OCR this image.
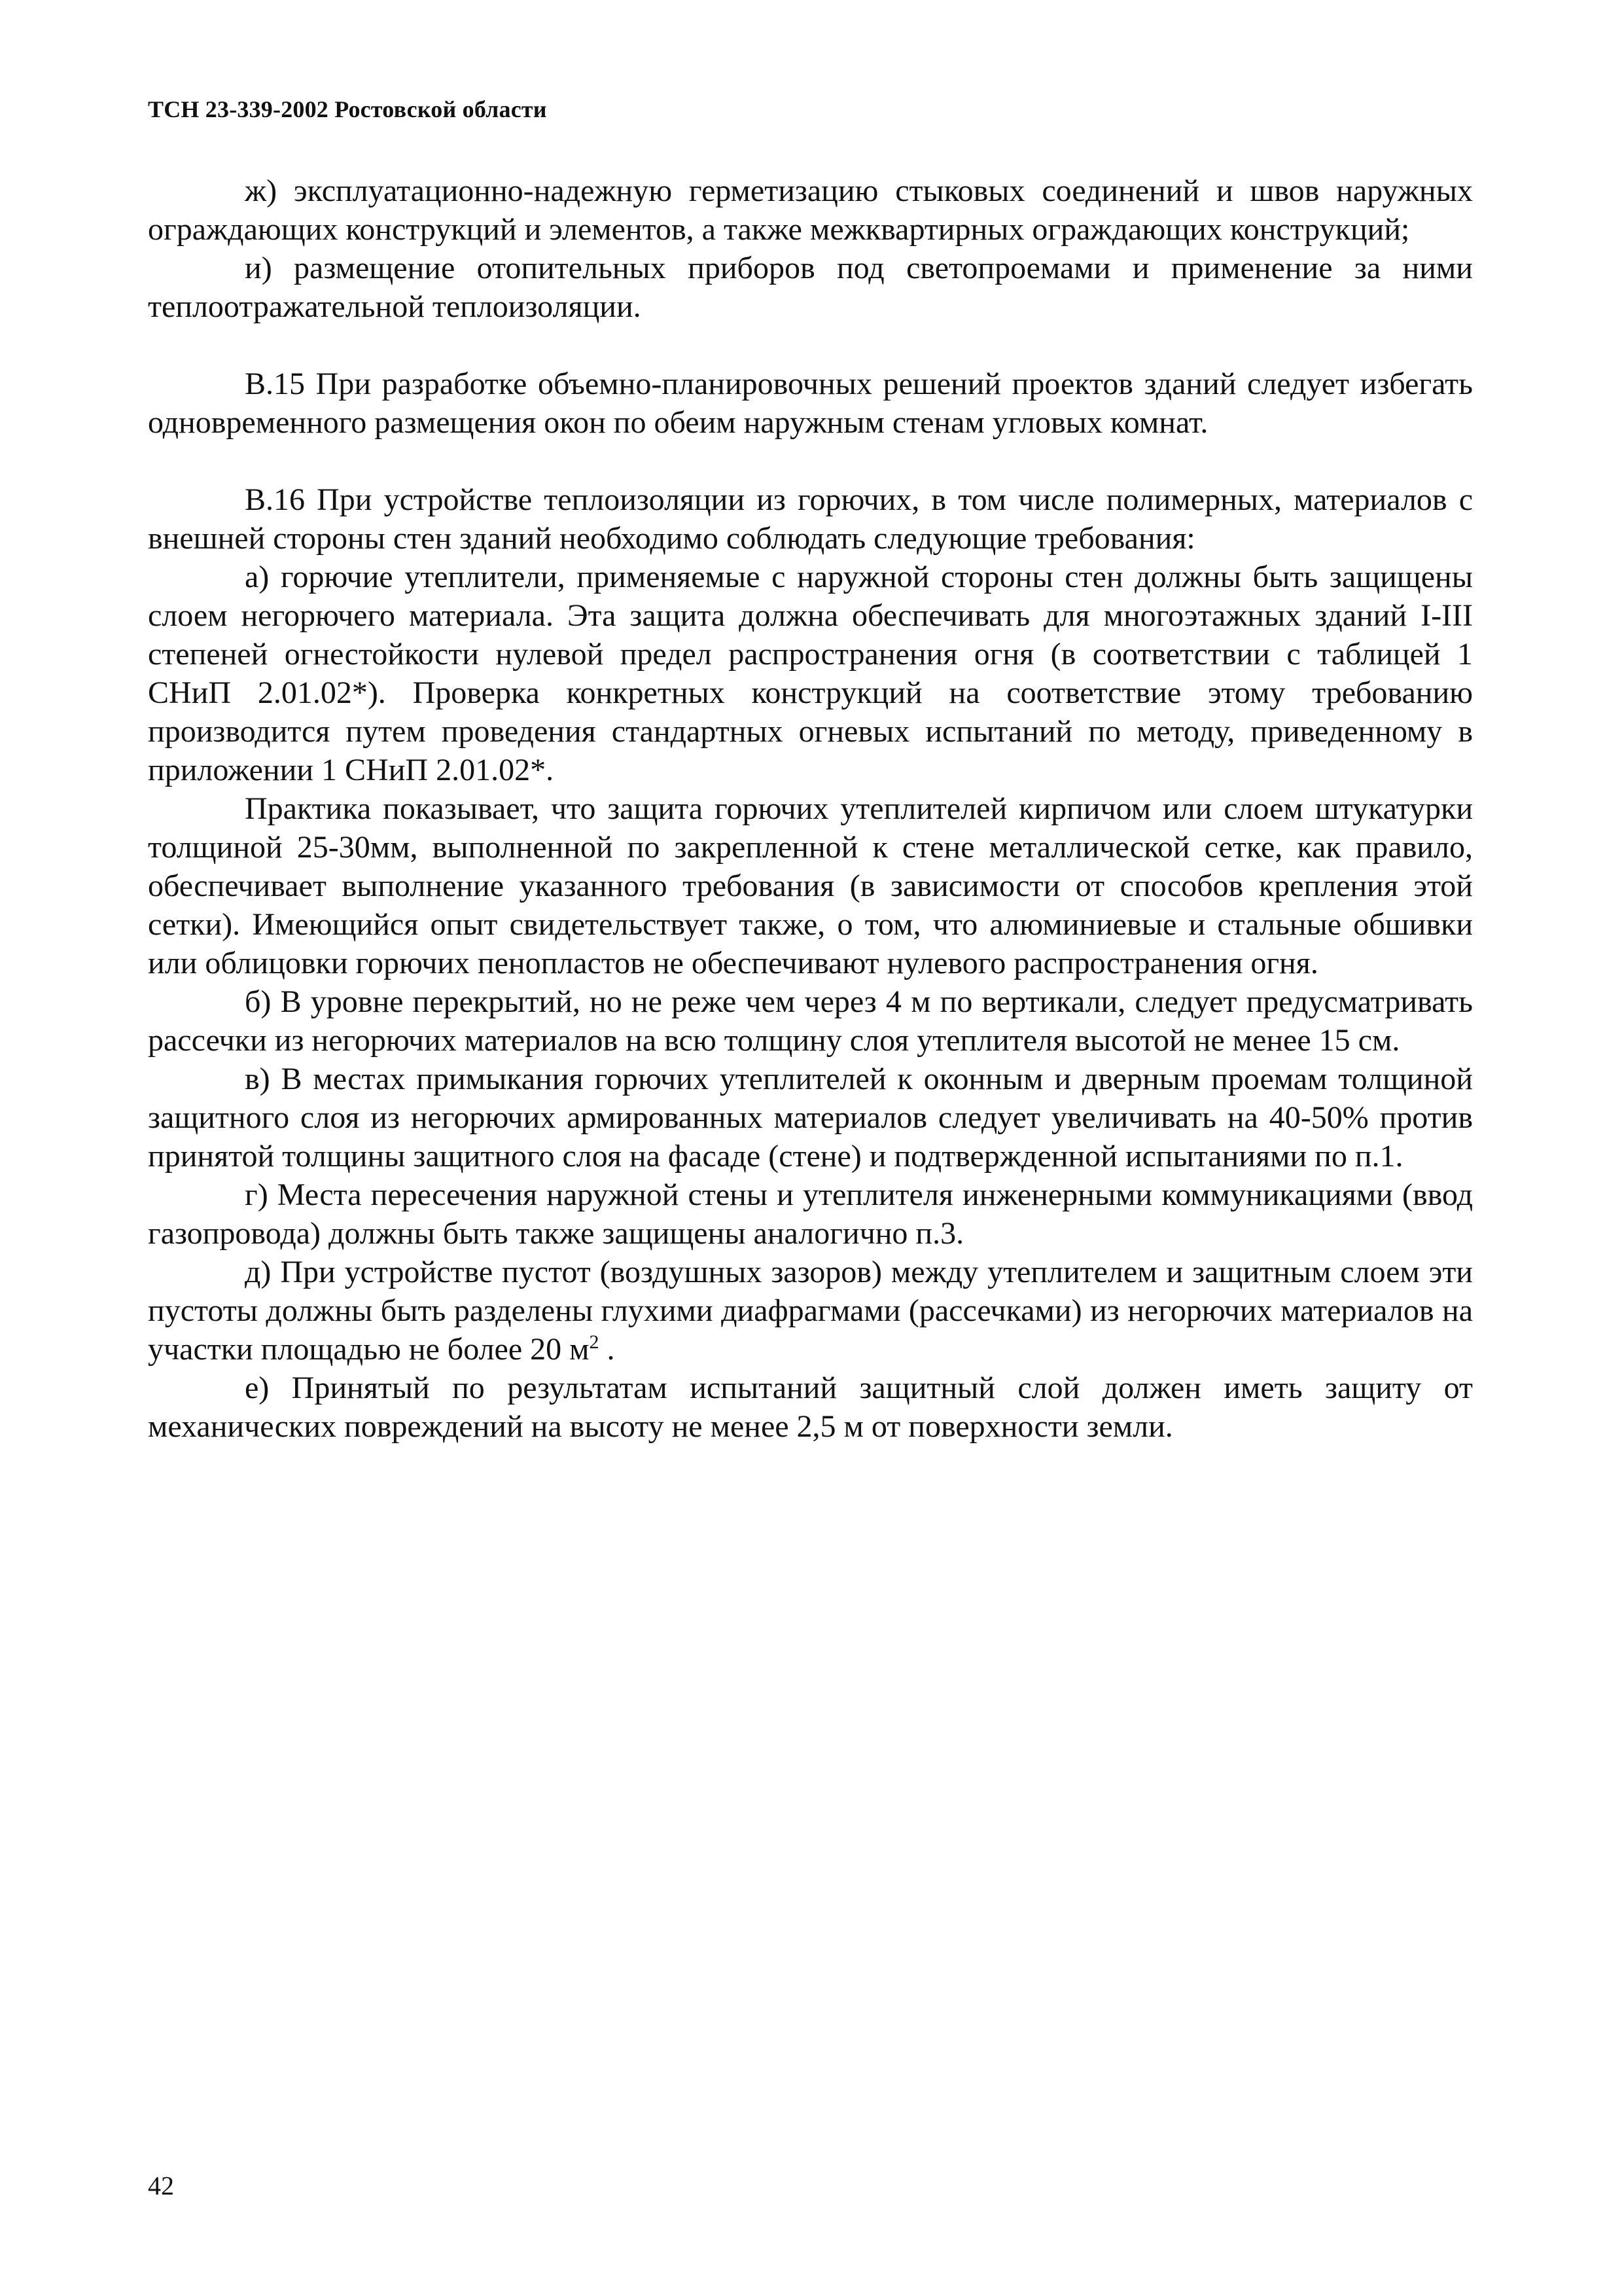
ТСН 23-339-2002 Ростовской области

ж) эксплуатационно-надежную герметизацию стыковых соединений и швов наружных ограждающих конструкций и элементов, а также межквартирных ограждающих конструкций;

и) размещение отопительных приборов под светопроемами и применение за ними теплоотражательной теплоизоляции.

В.15 При разработке объемно-планировочных решений проектов зданий следует избегать одновременного размещения окон по обеим наружным стенам угловых комнат.

В.16 При устройстве теплоизоляции из горючих, в том числе полимерных, материалов с внешней стороны стен зданий необходимо соблюдать следующие требования:

а) горючие утеплители, применяемые с наружной стороны стен должны быть защищены слоем негорючего материала. Эта защита должна обеспечивать для многоэтажных зданий I-III степеней огнестойкости нулевой предел распространения огня (в соответствии с таблицей 1 СНиП 2.01.02*). Проверка конкретных конструкций на соответствие этому требованию производится путем проведения стандартных огневых испытаний по методу, приведенному в приложении 1 СНиП 2.01.02*.

Практика показывает, что защита горючих утеплителей кирпичом или слоем штукатурки толщиной 25-30мм, выполненной по закрепленной к стене металлической сетке, как правило, обеспечивает выполнение указанного требования (в зависимости от способов крепления этой сетки). Имеющийся опыт свидетельствует также, о том, что алюминиевые и стальные обшивки или облицовки горючих пенопластов не обеспечивают нулевого распространения огня.

б) В уровне перекрытий, но не реже чем через 4 м по вертикали, следует предусматривать рассечки из негорючих материалов на всю толщину слоя утеплителя высотой не менее 15 см.

в) В местах примыкания горючих утеплителей к оконным и дверным проемам толщиной защитного слоя из негорючих армированных материалов следует увеличивать на 40-50% против принятой толщины защитного слоя на фасаде (стене) и подтвержденной испытаниями по п.1.

г) Места пересечения наружной стены и утеплителя инженерными коммуникациями (ввод газопровода) должны быть также защищены аналогично п.3.

д) При устройстве пустот (воздушных зазоров) между утеплителем и защитным слоем эти пустоты должны быть разделены глухими диафрагмами (рассечками) из негорючих материалов на участки площадью не более 20 $м^2$ .

е) Принятый по результатам испытаний защитный слой должен иметь защиту от механических повреждений на высоту не менее 2,5 м от поверхности земли.

42
